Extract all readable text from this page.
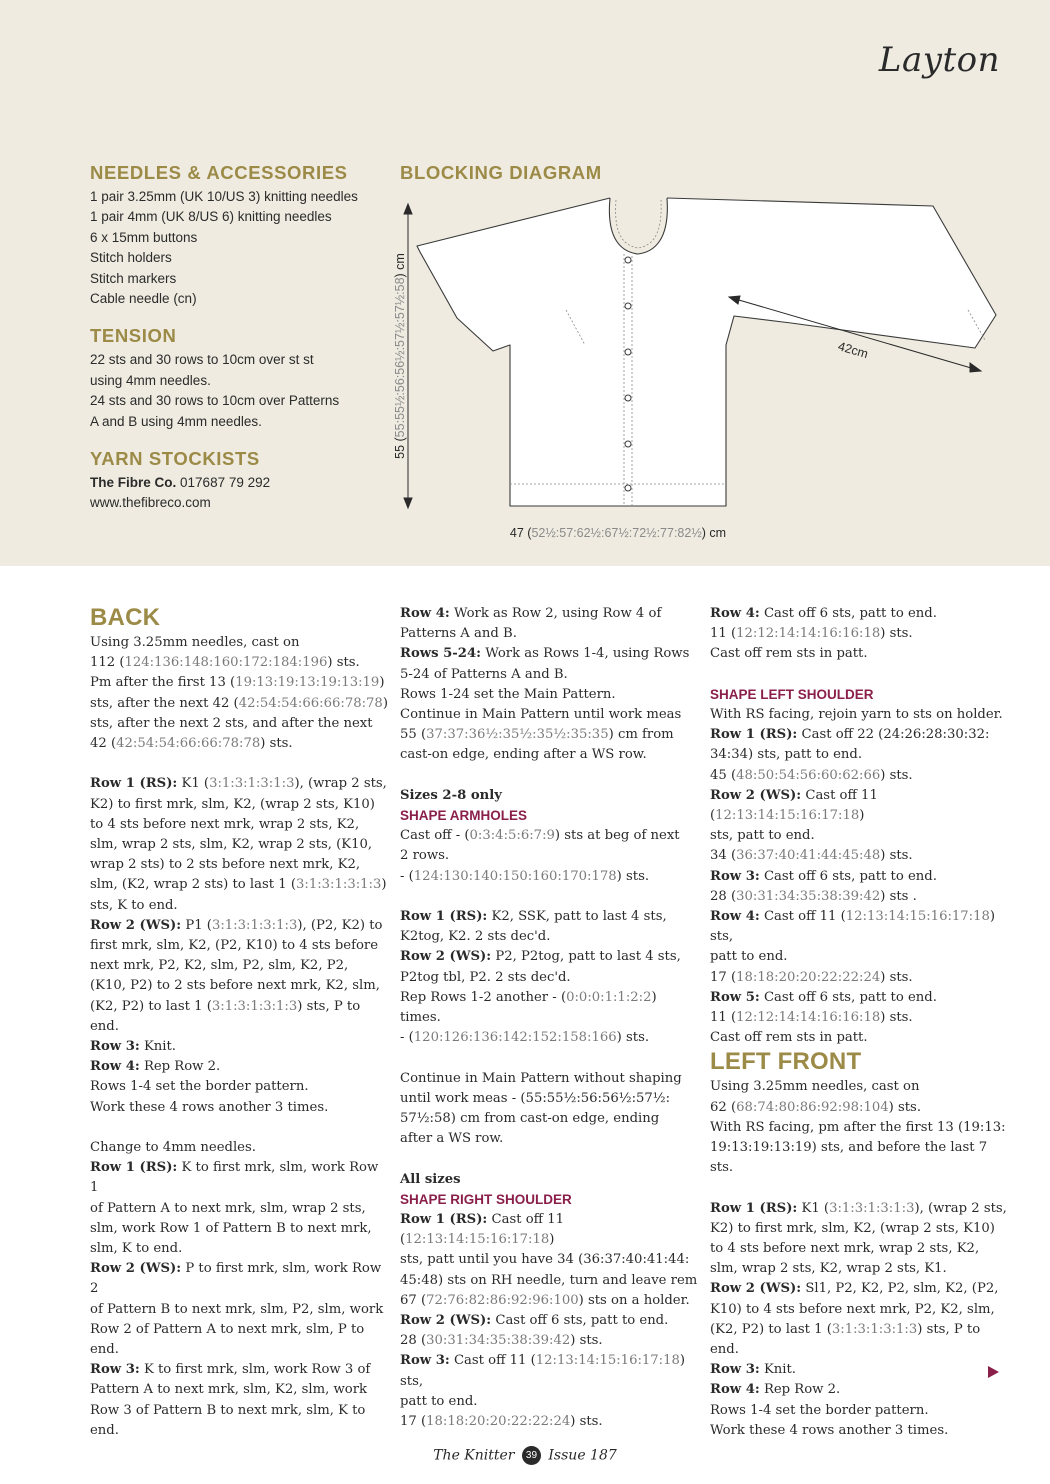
Layton
NEEDLES & ACCESSORIES
1 pair 3.25mm (UK 10/US 3) knitting needles
1 pair 4mm (UK 8/US 6) knitting needles
6 x 15mm buttons
Stitch holders
Stitch markers
Cable needle (cn)
TENSION
22 sts and 30 rows to 10cm over st st
using 4mm needles.
24 sts and 30 rows to 10cm over Patterns
A and B using 4mm needles.
YARN STOCKISTS
The Fibre Co. 017687 79 292
www.thefibreco.com
BLOCKING DIAGRAM
55 (55:55½:56:56½:57½:57½:58) cm
47 (52½:57:62½:67½:72½:77:82½) cm
42cm
BACK

Using 3.25mm needles, cast on

112 (124:136:148:160:172:184:196) sts.

Pm after the first 13 (19:13:19:13:19:13:19)

sts, after the next 42 (42:54:54:66:66:78:78)

sts, after the next 2 sts, and after the next

42 (42:54:54:66:66:78:78) sts.

Row 1 (RS): K1 (3:1:3:1:3:1:3), (wrap 2 sts,

K2) to first mrk, slm, K2, (wrap 2 sts, K10)

to 4 sts before next mrk, wrap 2 sts, K2,

slm, wrap 2 sts, slm, K2, wrap 2 sts, (K10,

wrap 2 sts) to 2 sts before next mrk, K2,

slm, (K2, wrap 2 sts) to last 1 (3:1:3:1:3:1:3)

sts, K to end.

Row 2 (WS): P1 (3:1:3:1:3:1:3), (P2, K2) to

first mrk, slm, K2, (P2, K10) to 4 sts before

next mrk, P2, K2, slm, P2, slm, K2, P2,

(K10, P2) to 2 sts before next mrk, K2, slm,

(K2, P2) to last 1 (3:1:3:1:3:1:3) sts, P to end.

Row 3: Knit.

Row 4: Rep Row 2.

Rows 1-4 set the border pattern.

Work these 4 rows another 3 times.

Change to 4mm needles.

Row 1 (RS): K to first mrk, slm, work Row 1

of Pattern A to next mrk, slm, wrap 2 sts,

slm, work Row 1 of Pattern B to next mrk,

slm, K to end.

Row 2 (WS): P to first mrk, slm, work Row 2

of Pattern B to next mrk, slm, P2, slm, work

Row 2 of Pattern A to next mrk, slm, P to

end.

Row 3: K to first mrk, slm, work Row 3 of

Pattern A to next mrk, slm, K2, slm, work

Row 3 of Pattern B to next mrk, slm, K to

end.

Row 4: Work as Row 2, using Row 4 of

Patterns A and B.

Rows 5-24: Work as Rows 1-4, using Rows

5-24 of Patterns A and B.

Rows 1-24 set the Main Pattern.

Continue in Main Pattern until work meas

55 (37:37:36½:35½:35½:35:35) cm from

cast-on edge, ending after a WS row.

Sizes 2-8 only

SHAPE ARMHOLES

Cast off - (0:3:4:5:6:7:9) sts at beg of next

2 rows.

- (124:130:140:150:160:170:178) sts.

Row 1 (RS): K2, SSK, patt to last 4 sts,

K2tog, K2. 2 sts dec'd.

Row 2 (WS): P2, P2tog, patt to last 4 sts,

P2tog tbl, P2. 2 sts dec'd.

Rep Rows 1-2 another - (0:0:0:1:1:2:2) times.

- (120:126:136:142:152:158:166) sts.

Continue in Main Pattern without shaping

until work meas - (55:55½:56:56½:57½:

57½:58) cm from cast-on edge, ending

after a WS row.

All sizes

SHAPE RIGHT SHOULDER

Row 1 (RS): Cast off 11 (12:13:14:15:16:17:18)

sts, patt until you have 34 (36:37:40:41:44:

45:48) sts on RH needle, turn and leave rem

67 (72:76:82:86:92:96:100) sts on a holder.

Row 2 (WS): Cast off 6 sts, patt to end.

28 (30:31:34:35:38:39:42) sts.

Row 3: Cast off 11 (12:13:14:15:16:17:18) sts,

patt to end.

17 (18:18:20:20:22:22:24) sts.

Row 4: Cast off 6 sts, patt to end.

11 (12:12:14:14:16:16:18) sts.

Cast off rem sts in patt.

SHAPE LEFT SHOULDER

With RS facing, rejoin yarn to sts on holder.

Row 1 (RS): Cast off 22 (24:26:28:30:32:

34:34) sts, patt to end.

45 (48:50:54:56:60:62:66) sts.

Row 2 (WS): Cast off 11 (12:13:14:15:16:17:18)

sts, patt to end.

34 (36:37:40:41:44:45:48) sts.

Row 3: Cast off 6 sts, patt to end.

28 (30:31:34:35:38:39:42) sts .

Row 4: Cast off 11 (12:13:14:15:16:17:18) sts,

patt to end.

17 (18:18:20:20:22:22:24) sts.

Row 5: Cast off 6 sts, patt to end.

11 (12:12:14:14:16:16:18) sts.

Cast off rem sts in patt.

LEFT FRONT

Using 3.25mm needles, cast on

62 (68:74:80:86:92:98:104) sts.

With RS facing, pm after the first 13 (19:13:

19:13:19:13:19) sts, and before the last 7 sts.

Row 1 (RS): K1 (3:1:3:1:3:1:3), (wrap 2 sts,

K2) to first mrk, slm, K2, (wrap 2 sts, K10)

to 4 sts before next mrk, wrap 2 sts, K2,

slm, wrap 2 sts, K2, wrap 2 sts, K1.

Row 2 (WS): Sl1, P2, K2, P2, slm, K2, (P2,

K10) to 4 sts before next mrk, P2, K2, slm,

(K2, P2) to last 1 (3:1:3:1:3:1:3) sts, P to end.

Row 3: Knit.

Row 4: Rep Row 2.

Rows 1-4 set the border pattern.

Work these 4 rows another 3 times.

The Knitter 39 Issue 187
